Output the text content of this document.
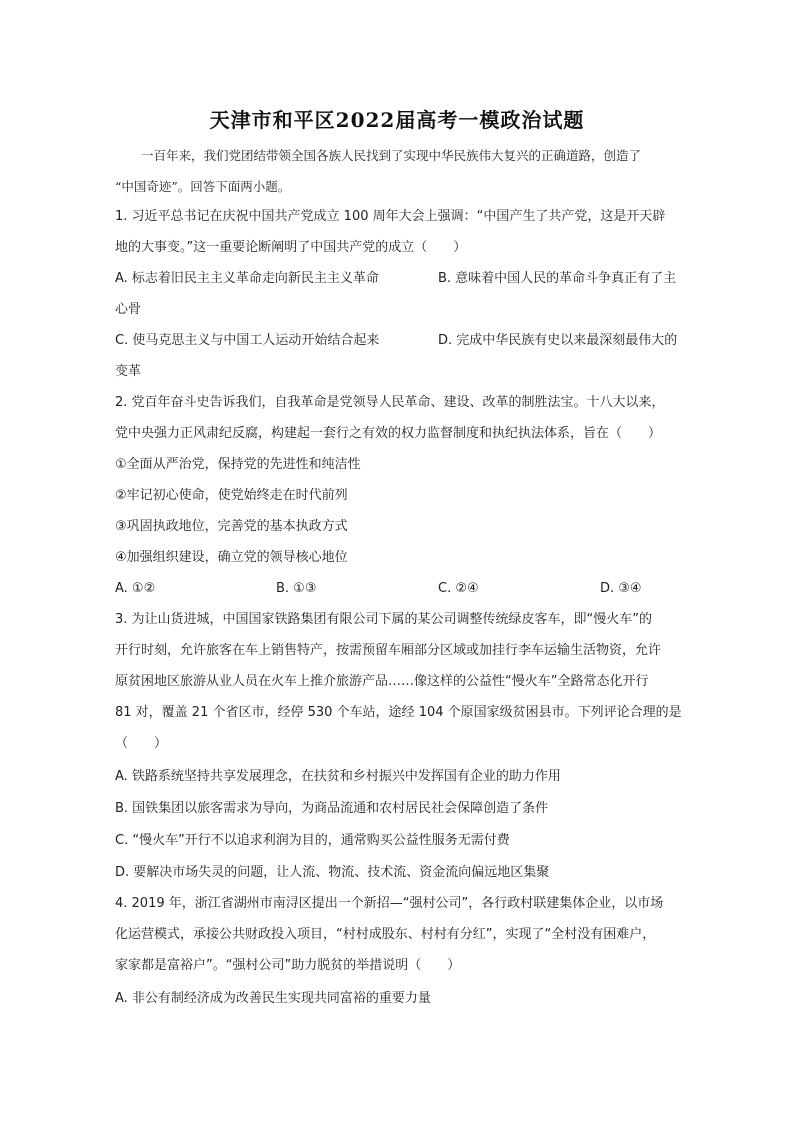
天津市和平区2022届高考一模政治试题
一百年来，我们党团结带领全国各族人民找到了实现中华民族伟大复兴的正确道路，创造了
“中国奇迹”。回答下面两小题。
1. 习近平总书记在庆祝中国共产党成立 100 周年大会上强调：“中国产生了共产党，这是开天辟
地的大事变。”这一重要论断阐明了中国共产党的成立（　　）
A. 标志着旧民主主义革命走向新民主主义革命	B. 意味着中国人民的革命斗争真正有了主
心骨
C. 使马克思主义与中国工人运动开始结合起来	D. 完成中华民族有史以来最深刻最伟大的
变革
2. 党百年奋斗史告诉我们，自我革命是党领导人民革命、建设、改革的制胜法宝。十八大以来，
党中央强力正风肃纪反腐，构建起一套行之有效的权力监督制度和执纪执法体系，旨在（　　）
①全面从严治党，保持党的先进性和纯洁性
②牢记初心使命，使党始终走在时代前列
③巩固执政地位，完善党的基本执政方式
④加强组织建设，确立党的领导核心地位
A. ①②	B. ①③	C. ②④	D. ③④
3. 为让山货进城，中国国家铁路集团有限公司下属的某公司调整传统绿皮客车，即“慢火车”的
开行时刻，允许旅客在车上销售特产，按需预留车厢部分区域或加挂行李车运输生活物资，允许
原贫困地区旅游从业人员在火车上推介旅游产品……像这样的公益性“慢火车”全路常态化开行
81 对，覆盖 21 个省区市，经停 530 个车站，途经 104 个原国家级贫困县市。下列评论合理的是
（　　）
A. 铁路系统坚持共享发展理念，在扶贫和乡村振兴中发挥国有企业的助力作用
B. 国铁集团以旅客需求为导向，为商品流通和农村居民社会保障创造了条件
C. “慢火车”开行不以追求利润为目的，通常购买公益性服务无需付费
D. 要解决市场失灵的问题，让人流、物流、技术流、资金流向偏远地区集聚
4. 2019 年，浙江省湖州市南浔区提出一个新招—“强村公司”，各行政村联建集体企业，以市场
化运营模式，承接公共财政投入项目，“村村成股东、村村有分红”，实现了“全村没有困难户，
家家都是富裕户”。“强村公司”助力脱贫的举措说明（　　）
A. 非公有制经济成为改善民生实现共同富裕的重要力量
